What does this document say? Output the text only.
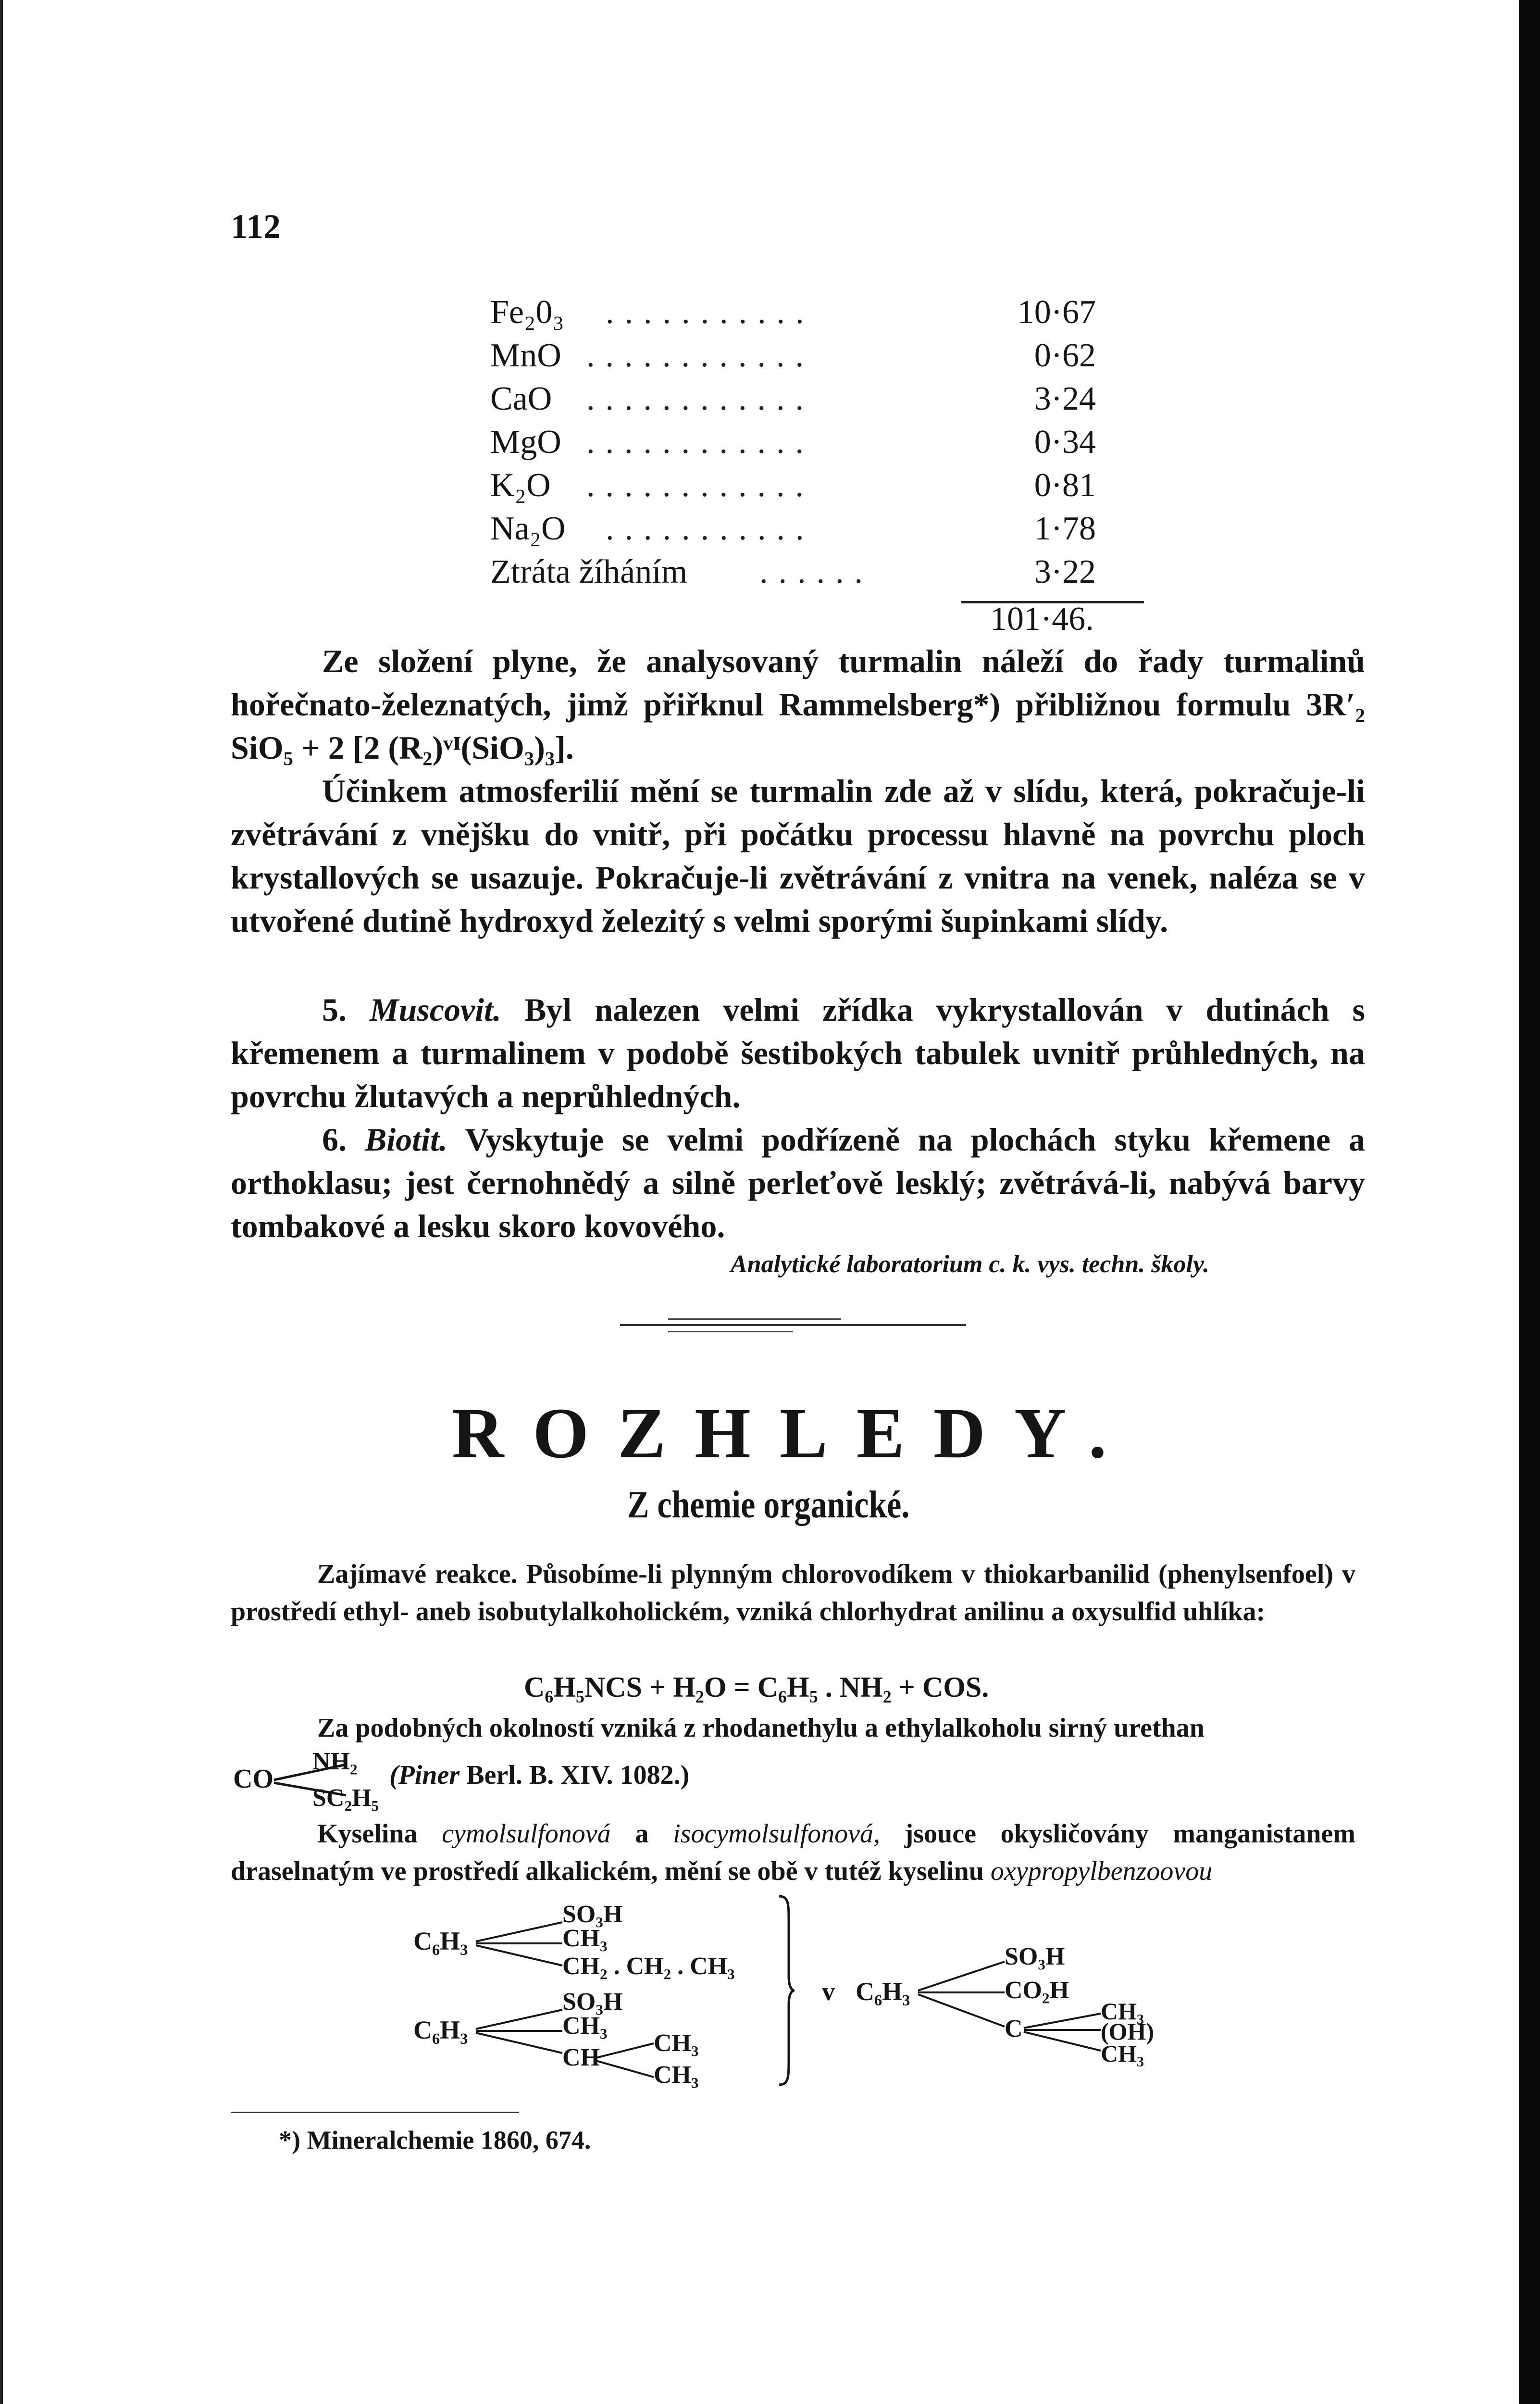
112
Fe₂0₃ ...........	10·67
MnO ............	0·62
CaO ............	3·24
MgO ............	0·34
K₂O ............	0·81
Na₂O ...........	1·78
Ztráta žíháním ......	3·22
101·46.
Ze složení plyne, že analysovaný turmalin náleží do řady turmalinů hořečnato-železnatých, jimž přiřknul Rammelsberg*) přibližnou formulu 3R′₂ SiO₅ + 2 [2 (R₂)ᵛᴵ(SiO₃)₃].
Účinkem atmosferilií mění se turmalin zde až v slídu, která, pokračuje-li zvětrávání z vnějšku do vnitř, při počátku processu hlavně na povrchu ploch krystallových se usazuje. Pokračuje-li zvětrávání z vnitra na venek, naléza se v utvořené dutině hydroxyd železitý s velmi sporými šupinkami slídy.
5. Muscovit. Byl nalezen velmi zřídka vykrystallován v dutinách s křemenem a turmalinem v podobě šestibokých tabulek uvnitř průhledných, na povrchu žlutavých a neprůhledných.
6. Biotit. Vyskytuje se velmi podřízeně na plochách styku křemene a orthoklasu; jest černohnědý a silně perleťově lesklý; zvětrává-li, nabývá barvy tombakové a lesku skoro kovového.
Analytické laboratorium c. k. vys. techn. školy.
ROZHLEDY.
Z chemie organické.
Zajímavé reakce. Působíme-li plynným chlorovodíkem v thiokarbanilid (phenylsenfoel) v prostředí ethyl- aneb isobutylalkoholickém, vzniká chlorhydrat anilinu a oxysulfid uhlíka:
C₆H₅NCS + H₂O = C₆H₅ . NH₂ + COS.
Za podobných okolností vzniká z rhodanethylu a ethylalkoholu sirný urethan
CO
NH₂
SC₂H₅
(Piner Berl. B. XIV. 1082.)
Kyselina cymolsulfonová a isocymolsulfonová, jsouce okysličovány manganistanem draselnatým ve prostředí alkalickém, mění se obě v tutéž kyselinu oxypropylbenzoovou
C₆H₃
SO₃H
CH₃
CH₂ . CH₂ . CH₃
C₆H₃
SO₃H
CH₃
CH
CH₃
CH₃
v C₆H₃
SO₃H
CO₂H
C
CH₃
(OH)
CH₃
*) Mineralchemie 1860, 674.
